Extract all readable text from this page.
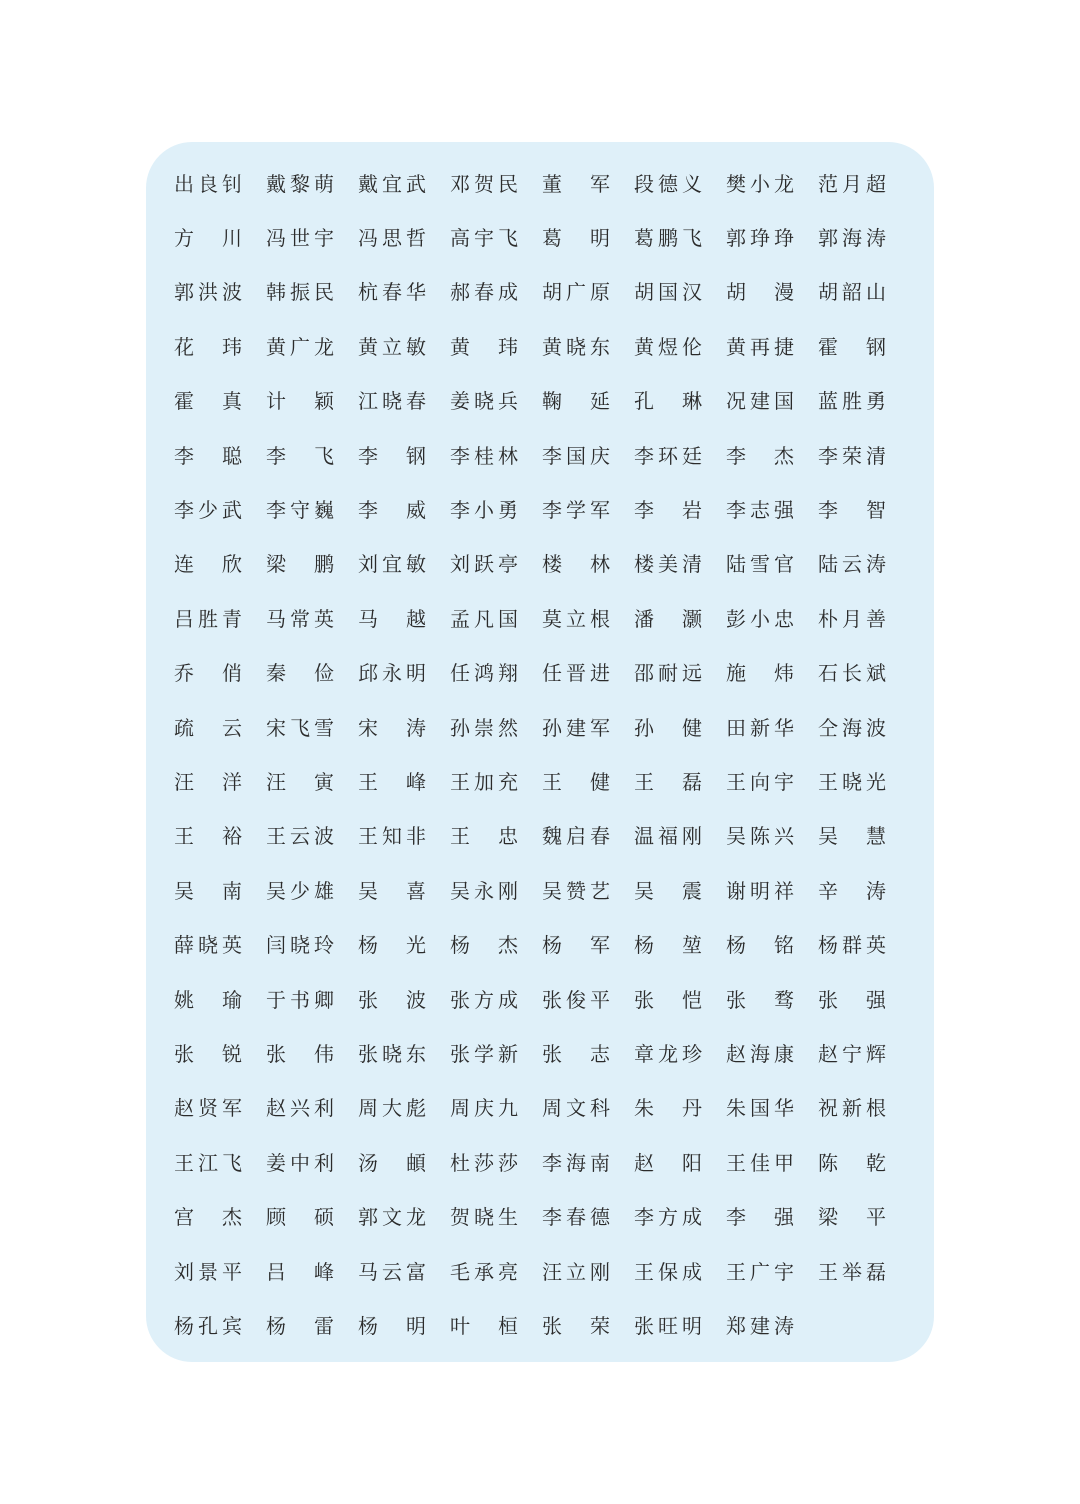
出 良 钊 戴 黎 萌 戴 宜 武 邓 贺 民 董 军 段 德 义 樊 小 龙 范 月 超
方 川 冯 世 宇 冯 思 哲 高 宇 飞 葛 明 葛 鹏 飞 郭 琤 琤 郭 海 涛
郭 洪 波 韩 振 民 杭 春 华 郝 春 成 胡 广 原 胡 国 汉 胡 漫 胡 韶 山
花 玮 黄 广 龙 黄 立 敏 黄 玮 黄 晓 东 黄 煜 伦 黄 再 捷 霍 钢
霍 真 计 颖 江 晓 春 姜 晓 兵 鞠 延 孔 琳 况 建 国 蓝 胜 勇
李 聪 李 飞 李 钢 李 桂 林 李 国 庆 李 环 廷 李 杰 李 荣 清
李 少 武 李 守 巍 李 威 李 小 勇 李 学 军 李 岩 李 志 强 李 智
连 欣 梁 鹏 刘 宜 敏 刘 跃 亭 楼 林 楼 美 清 陆 雪 官 陆 云 涛
吕 胜 青 马 常 英 马 越 孟 凡 国 莫 立 根 潘 灏 彭 小 忠 朴 月 善
乔 俏 秦 俭 邱 永 明 任 鸿 翔 任 晋 进 邵 耐 远 施 炜 石 长 斌
疏 云 宋 飞 雪 宋 涛 孙 崇 然 孙 建 军 孙 健 田 新 华 仝 海 波
汪 洋 汪 寅 王 峰 王 加 充 王 健 王 磊 王 向 宇 王 晓 光
王 裕 王 云 波 王 知 非 王 忠 魏 启 春 温 福 刚 吴 陈 兴 吴 慧
吴 南 吴 少 雄 吴 喜 吴 永 刚 吴 赞 艺 吴 震 谢 明 祥 辛 涛
薛 晓 英 闫 晓 玲 杨 光 杨 杰 杨 军 杨 堃 杨 铭 杨 群 英
姚 瑜 于 书 卿 张 波 张 方 成 张 俊 平 张 恺 张 骛 张 强
张 锐 张 伟 张 晓 东 张 学 新 张 志 章 龙 珍 赵 海 康 赵 宁 辉
赵 贤 军 赵 兴 利 周 大 彪 周 庆 九 周 文 科 朱 丹 朱 国 华 祝 新 根
王 江 飞 姜 中 利 汤 頔 杜 莎 莎 李 海 南 赵 阳 王 佳 甲 陈 乾
宫 杰 顾 硕 郭 文 龙 贺 晓 生 李 春 德 李 方 成 李 强 梁 平
刘 景 平 吕 峰 马 云 富 毛 承 亮 汪 立 刚 王 保 成 王 广 宇 王 举 磊
杨 孔 宾 杨 雷 杨 明 叶 桓 张 荣 张 旺 明 郑 建 涛
